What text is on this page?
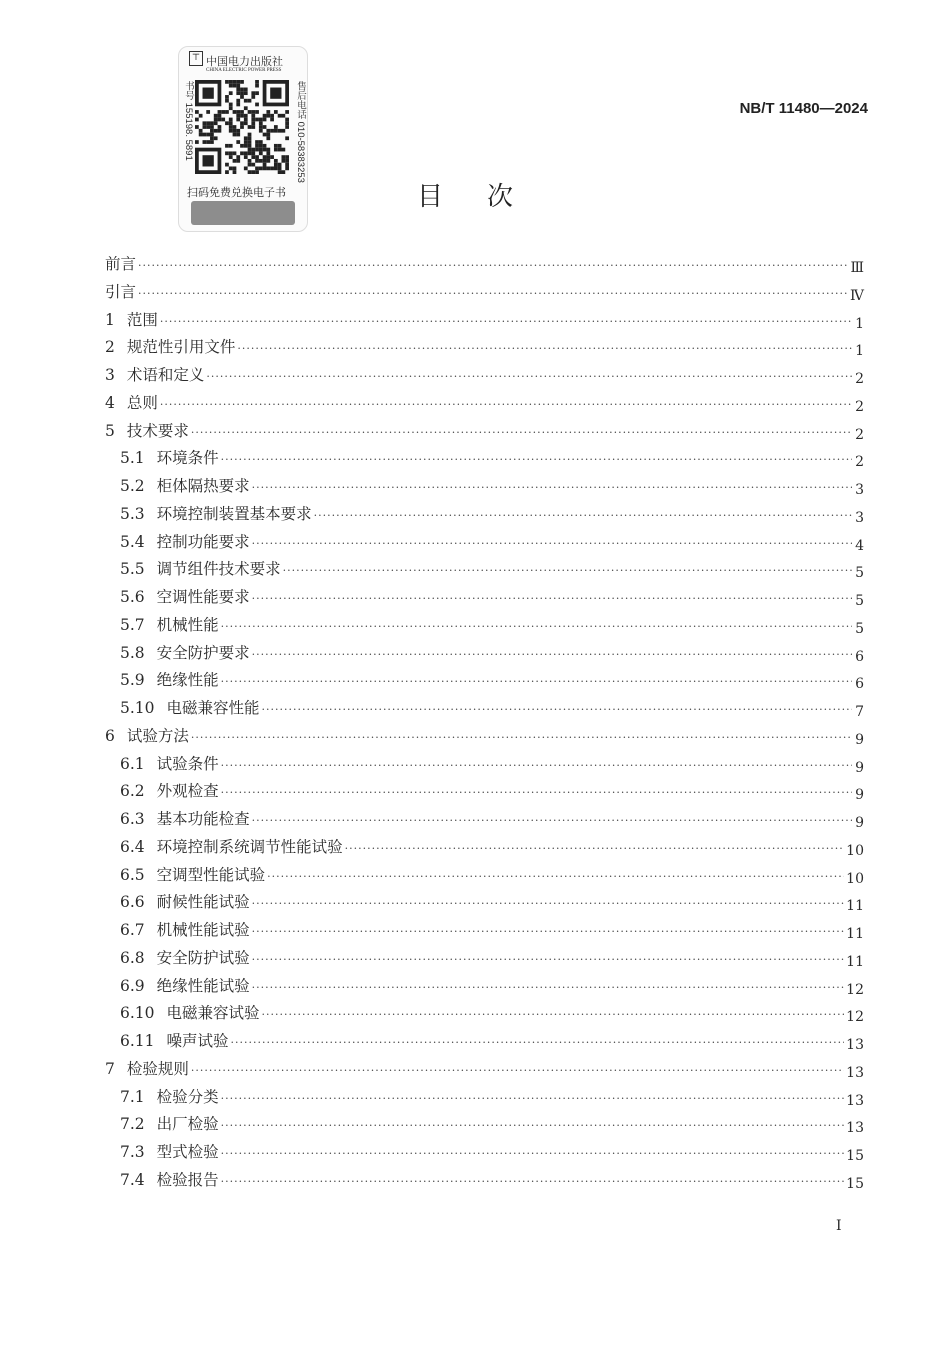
⊤ 中国电力出版社
CHINA ELECTRIC POWER PRESS
书号 155198. 5891	售后电话 010-58383253
扫码免费兑换电子书
NB/T 11480—2024
目次
前言 ·····	Ⅲ
引言 ·····	Ⅳ
1 范围 ·····	1
2 规范性引用文件 ·····	1
3 术语和定义 ·····	2
4 总则 ·····	2
5 技术要求 ·····	2
5.1 环境条件 ·····	2
5.2 柜体隔热要求 ·····	3
5.3 环境控制装置基本要求 ·····	3
5.4 控制功能要求 ·····	4
5.5 调节组件技术要求 ·····	5
5.6 空调性能要求 ·····	5
5.7 机械性能 ·····	5
5.8 安全防护要求 ·····	6
5.9 绝缘性能 ·····	6
5.10 电磁兼容性能 ·····	7
6 试验方法 ·····	9
6.1 试验条件 ·····	9
6.2 外观检查 ·····	9
6.3 基本功能检查 ·····	9
6.4 环境控制系统调节性能试验 ·····	10
6.5 空调型性能试验 ·····	10
6.6 耐候性能试验 ·····	11
6.7 机械性能试验 ·····	11
6.8 安全防护试验 ·····	11
6.9 绝缘性能试验 ·····	12
6.10 电磁兼容试验 ·····	12
6.11 噪声试验 ·····	13
7 检验规则 ·····	13
7.1 检验分类 ·····	13
7.2 出厂检验 ·····	13
7.3 型式检验 ·····	15
7.4 检验报告 ·····	15
I
